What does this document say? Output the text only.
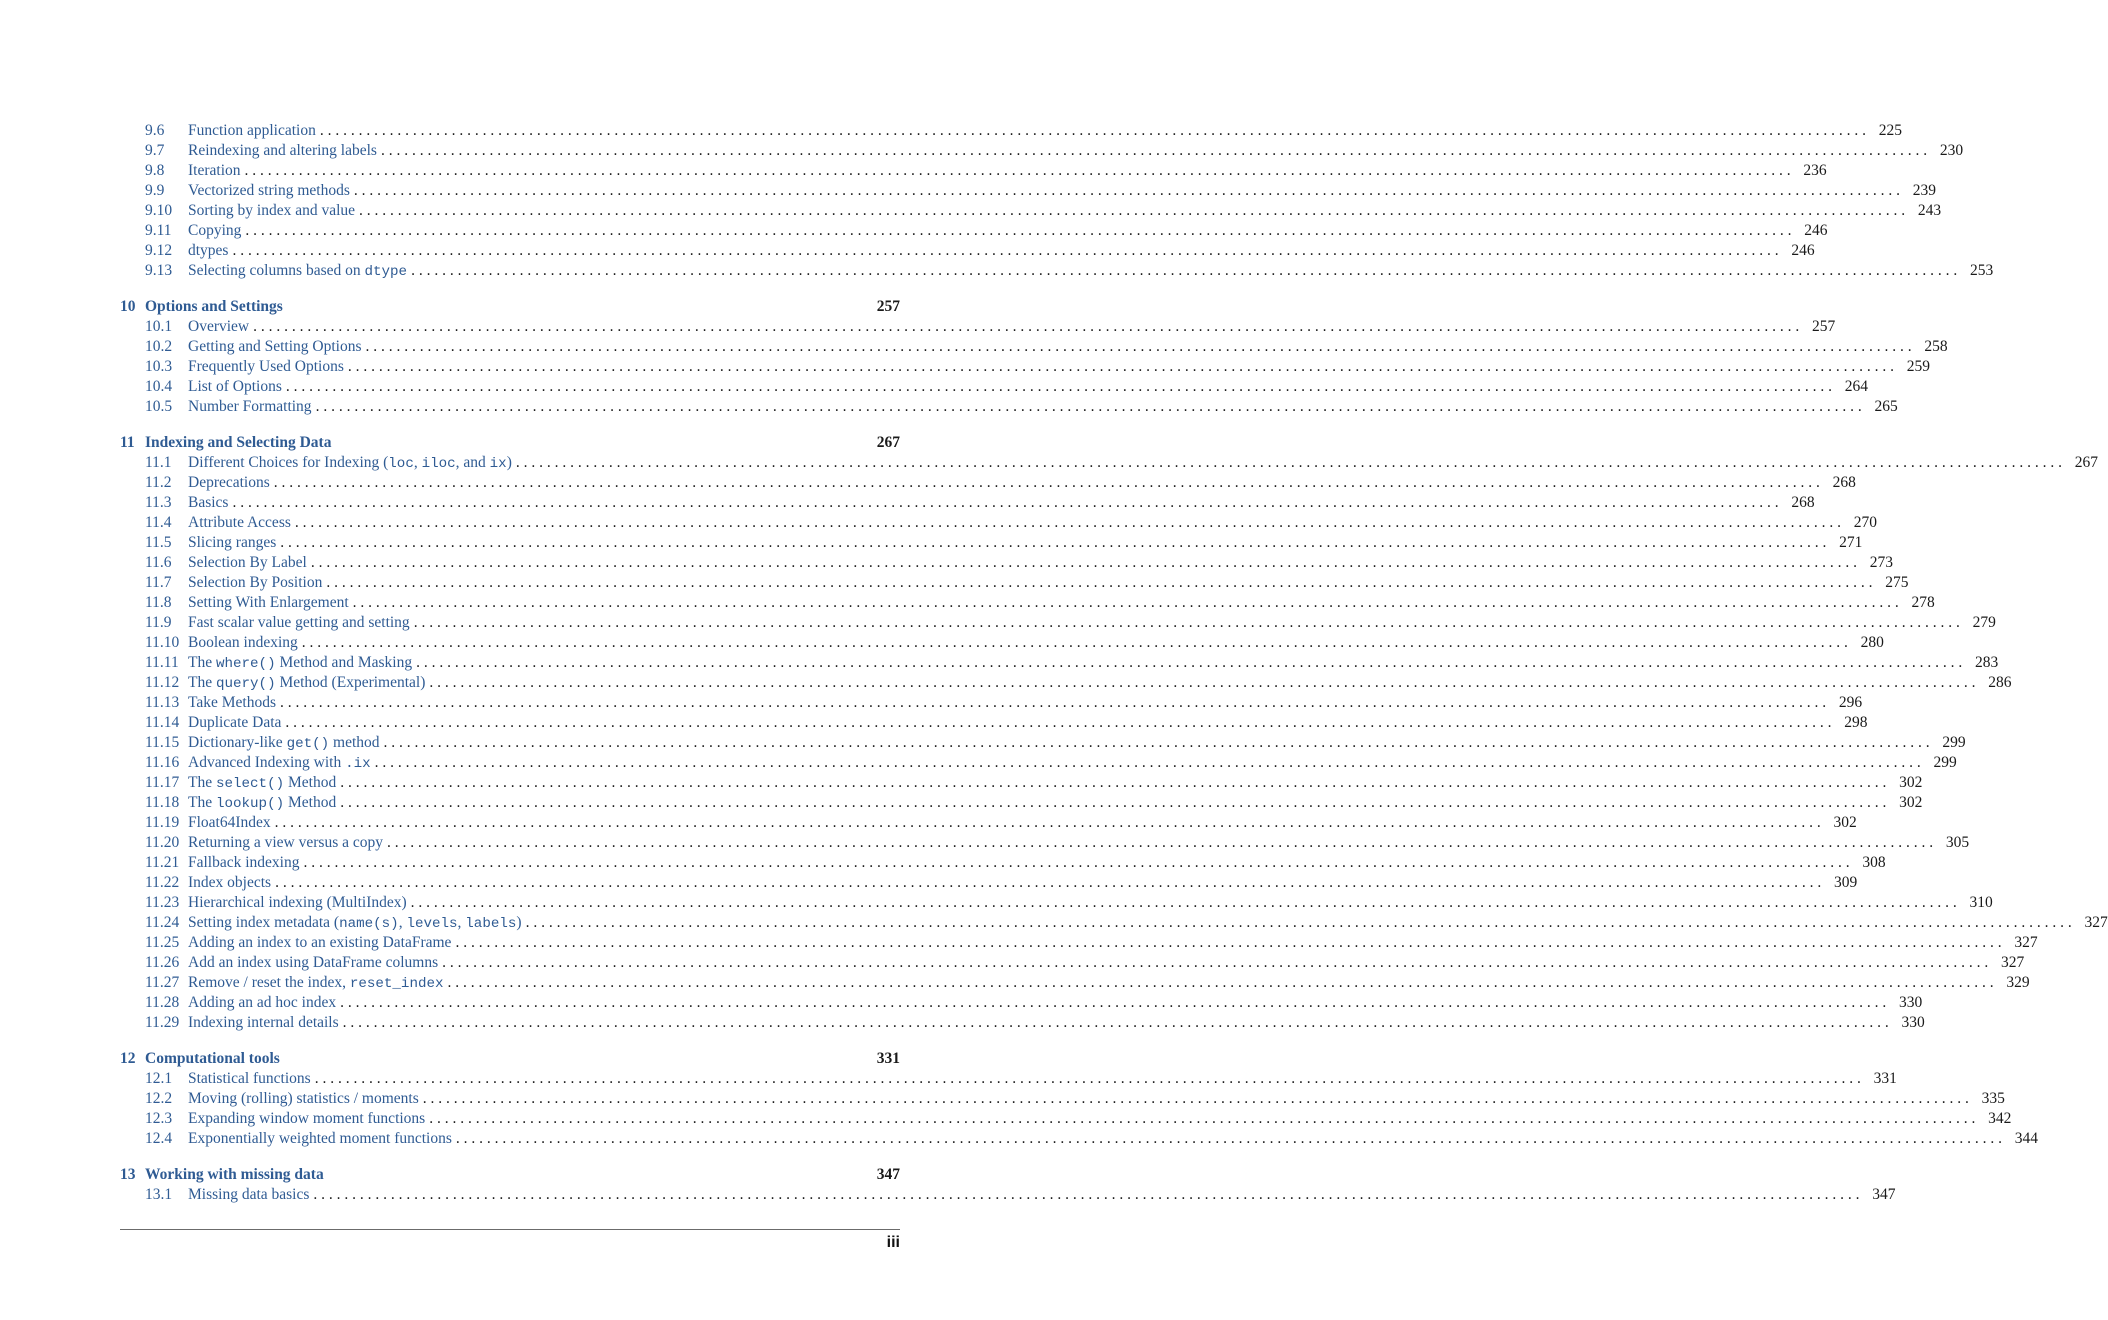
9.6	Function application . . . . . . . . . . . . . . . . . . . . . . . . . . . . . . . . . . . . . . . . . . . . . . . . . . . . . . . . . . . . . . . . . . . . . . . . . . . . . . . . . . . . . . . . . . . . . . . . . . . . . . . . . . . . . . . . . . . . . . . . . . . . . . . . . . . . . . . . . . . . . . . . . . . . . . . . . . . . . . . . . . . . . . . . . . . . . . . . . . . . . . . . . . . . . . . . . . . . . . . . 225
9.7	Reindexing and altering labels . . . . . . . . . . . . . . . . . . . . . . . . . . . . . . . . . . . . . . . . . . . . . . . . . . . . . . . . . . . . . . . . . . . . . . . . . . . . . . . . . . . . . . . . . . . . . . . . . . . . . . . . . . . . . . . . . . . . . . . . . . . . . . . . . . . . . . . . . . . . . . . . . . . . . . . . . . . . . . . . . . . . . . . . . . . . . . . . . . . . . . . . . . . . . . . . . . . . . . . . 230
9.8	Iteration . . . . . . . . . . . . . . . . . . . . . . . . . . . . . . . . . . . . . . . . . . . . . . . . . . . . . . . . . . . . . . . . . . . . . . . . . . . . . . . . . . . . . . . . . . . . . . . . . . . . . . . . . . . . . . . . . . . . . . . . . . . . . . . . . . . . . . . . . . . . . . . . . . . . . . . . . . . . . . . . . . . . . . . . . . . . . . . . . . . . . . . . . . . . . . . . . . . . . . . . 236
9.9	Vectorized string methods . . . . . . . . . . . . . . . . . . . . . . . . . . . . . . . . . . . . . . . . . . . . . . . . . . . . . . . . . . . . . . . . . . . . . . . . . . . . . . . . . . . . . . . . . . . . . . . . . . . . . . . . . . . . . . . . . . . . . . . . . . . . . . . . . . . . . . . . . . . . . . . . . . . . . . . . . . . . . . . . . . . . . . . . . . . . . . . . . . . . . . . . . . . . . . . . . . . . . . . . 239
9.10	Sorting by index and value . . . . . . . . . . . . . . . . . . . . . . . . . . . . . . . . . . . . . . . . . . . . . . . . . . . . . . . . . . . . . . . . . . . . . . . . . . . . . . . . . . . . . . . . . . . . . . . . . . . . . . . . . . . . . . . . . . . . . . . . . . . . . . . . . . . . . . . . . . . . . . . . . . . . . . . . . . . . . . . . . . . . . . . . . . . . . . . . . . . . . . . . . . . . . . . . . . . . . . . . 243
9.11	Copying . . . . . . . . . . . . . . . . . . . . . . . . . . . . . . . . . . . . . . . . . . . . . . . . . . . . . . . . . . . . . . . . . . . . . . . . . . . . . . . . . . . . . . . . . . . . . . . . . . . . . . . . . . . . . . . . . . . . . . . . . . . . . . . . . . . . . . . . . . . . . . . . . . . . . . . . . . . . . . . . . . . . . . . . . . . . . . . . . . . . . . . . . . . . . . . . . . . . . . . . 246
9.12	dtypes . . . . . . . . . . . . . . . . . . . . . . . . . . . . . . . . . . . . . . . . . . . . . . . . . . . . . . . . . . . . . . . . . . . . . . . . . . . . . . . . . . . . . . . . . . . . . . . . . . . . . . . . . . . . . . . . . . . . . . . . . . . . . . . . . . . . . . . . . . . . . . . . . . . . . . . . . . . . . . . . . . . . . . . . . . . . . . . . . . . . . . . . . . . . . . . . . . . . . . . . 246
9.13	Selecting columns based on dtype . . . . . . . . . . . . . . . . . . . . . . . . . . . . . . . . . . . . . . . . . . . . . . . . . . . . . . . . . . . . . . . . . . . . . . . . . . . . . . . . . . . . . . . . . . . . . . . . . . . . . . . . . . . . . . . . . . . . . . . . . . . . . . . . . . . . . . . . . . . . . . . . . . . . . . . . . . . . . . . . . . . . . . . . . . . . . . . . . . . . . . . . . . . . . . . . . . . . . . . . 253
10 Options and Settings	257
10.1	Overview . . . . . . . . . . . . . . . . . . . . . . . . . . . . . . . . . . . . . . . . . . . . . . . . . . . . . . . . . . . . . . . . . . . . . . . . . . . . . . . . . . . . . . . . . . . . . . . . . . . . . . . . . . . . . . . . . . . . . . . . . . . . . . . . . . . . . . . . . . . . . . . . . . . . . . . . . . . . . . . . . . . . . . . . . . . . . . . . . . . . . . . . . . . . . . . . . . . . . . . . 257
10.2	Getting and Setting Options . . . . . . . . . . . . . . . . . . . . . . . . . . . . . . . . . . . . . . . . . . . . . . . . . . . . . . . . . . . . . . . . . . . . . . . . . . . . . . . . . . . . . . . . . . . . . . . . . . . . . . . . . . . . . . . . . . . . . . . . . . . . . . . . . . . . . . . . . . . . . . . . . . . . . . . . . . . . . . . . . . . . . . . . . . . . . . . . . . . . . . . . . . . . . . . . . . . . . . . . 258
10.3	Frequently Used Options . . . . . . . . . . . . . . . . . . . . . . . . . . . . . . . . . . . . . . . . . . . . . . . . . . . . . . . . . . . . . . . . . . . . . . . . . . . . . . . . . . . . . . . . . . . . . . . . . . . . . . . . . . . . . . . . . . . . . . . . . . . . . . . . . . . . . . . . . . . . . . . . . . . . . . . . . . . . . . . . . . . . . . . . . . . . . . . . . . . . . . . . . . . . . . . . . . . . . . . . 259
10.4	List of Options . . . . . . . . . . . . . . . . . . . . . . . . . . . . . . . . . . . . . . . . . . . . . . . . . . . . . . . . . . . . . . . . . . . . . . . . . . . . . . . . . . . . . . . . . . . . . . . . . . . . . . . . . . . . . . . . . . . . . . . . . . . . . . . . . . . . . . . . . . . . . . . . . . . . . . . . . . . . . . . . . . . . . . . . . . . . . . . . . . . . . . . . . . . . . . . . . . . . . . . . 264
10.5	Number Formatting . . . . . . . . . . . . . . . . . . . . . . . . . . . . . . . . . . . . . . . . . . . . . . . . . . . . . . . . . . . . . . . . . . . . . . . . . . . . . . . . . . . . . . . . . . . . . . . . . . . . . . . . . . . . . . . . . . . . . . . . . . . . . . . . . . . . . . . . . . . . . . . . . . . . . . . . . . . . . . . . . . . . . . . . . . . . . . . . . . . . . . . . . . . . . . . . . . . . . . . . 265
11 Indexing and Selecting Data	267
11.1	Different Choices for Indexing (loc, iloc, and ix) . . . . . . . . . . . . . . . . . . . . . . . . . . . . . . . . . . . . . . . . . . . . . . . . . . . . . . . . . . . . . . . . . . . . . . . . . . . . . . . . . . . . . . . . . . . . . . . . . . . . . . . . . . . . . . . . . . . . . . . . . . . . . . . . . . . . . . . . . . . . . . . . . . . . . . . . . . . . . . . . . . . . . . . . . . . . . . . . . . . . . . . . . . . . . . . . . . . . . . . . 267
11.2	Deprecations . . . . . . . . . . . . . . . . . . . . . . . . . . . . . . . . . . . . . . . . . . . . . . . . . . . . . . . . . . . . . . . . . . . . . . . . . . . . . . . . . . . . . . . . . . . . . . . . . . . . . . . . . . . . . . . . . . . . . . . . . . . . . . . . . . . . . . . . . . . . . . . . . . . . . . . . . . . . . . . . . . . . . . . . . . . . . . . . . . . . . . . . . . . . . . . . . . . . . . . . 268
11.3	Basics . . . . . . . . . . . . . . . . . . . . . . . . . . . . . . . . . . . . . . . . . . . . . . . . . . . . . . . . . . . . . . . . . . . . . . . . . . . . . . . . . . . . . . . . . . . . . . . . . . . . . . . . . . . . . . . . . . . . . . . . . . . . . . . . . . . . . . . . . . . . . . . . . . . . . . . . . . . . . . . . . . . . . . . . . . . . . . . . . . . . . . . . . . . . . . . . . . . . . . . . 268
11.4	Attribute Access . . . . . . . . . . . . . . . . . . . . . . . . . . . . . . . . . . . . . . . . . . . . . . . . . . . . . . . . . . . . . . . . . . . . . . . . . . . . . . . . . . . . . . . . . . . . . . . . . . . . . . . . . . . . . . . . . . . . . . . . . . . . . . . . . . . . . . . . . . . . . . . . . . . . . . . . . . . . . . . . . . . . . . . . . . . . . . . . . . . . . . . . . . . . . . . . . . . . . . . . 270
11.5	Slicing ranges . . . . . . . . . . . . . . . . . . . . . . . . . . . . . . . . . . . . . . . . . . . . . . . . . . . . . . . . . . . . . . . . . . . . . . . . . . . . . . . . . . . . . . . . . . . . . . . . . . . . . . . . . . . . . . . . . . . . . . . . . . . . . . . . . . . . . . . . . . . . . . . . . . . . . . . . . . . . . . . . . . . . . . . . . . . . . . . . . . . . . . . . . . . . . . . . . . . . . . . . 271
11.6	Selection By Label . . . . . . . . . . . . . . . . . . . . . . . . . . . . . . . . . . . . . . . . . . . . . . . . . . . . . . . . . . . . . . . . . . . . . . . . . . . . . . . . . . . . . . . . . . . . . . . . . . . . . . . . . . . . . . . . . . . . . . . . . . . . . . . . . . . . . . . . . . . . . . . . . . . . . . . . . . . . . . . . . . . . . . . . . . . . . . . . . . . . . . . . . . . . . . . . . . . . . . . . 273
11.7	Selection By Position . . . . . . . . . . . . . . . . . . . . . . . . . . . . . . . . . . . . . . . . . . . . . . . . . . . . . . . . . . . . . . . . . . . . . . . . . . . . . . . . . . . . . . . . . . . . . . . . . . . . . . . . . . . . . . . . . . . . . . . . . . . . . . . . . . . . . . . . . . . . . . . . . . . . . . . . . . . . . . . . . . . . . . . . . . . . . . . . . . . . . . . . . . . . . . . . . . . . . . . . 275
11.8	Setting With Enlargement . . . . . . . . . . . . . . . . . . . . . . . . . . . . . . . . . . . . . . . . . . . . . . . . . . . . . . . . . . . . . . . . . . . . . . . . . . . . . . . . . . . . . . . . . . . . . . . . . . . . . . . . . . . . . . . . . . . . . . . . . . . . . . . . . . . . . . . . . . . . . . . . . . . . . . . . . . . . . . . . . . . . . . . . . . . . . . . . . . . . . . . . . . . . . . . . . . . . . . . . 278
11.9	Fast scalar value getting and setting . . . . . . . . . . . . . . . . . . . . . . . . . . . . . . . . . . . . . . . . . . . . . . . . . . . . . . . . . . . . . . . . . . . . . . . . . . . . . . . . . . . . . . . . . . . . . . . . . . . . . . . . . . . . . . . . . . . . . . . . . . . . . . . . . . . . . . . . . . . . . . . . . . . . . . . . . . . . . . . . . . . . . . . . . . . . . . . . . . . . . . . . . . . . . . . . . . . . . . . . 279
11.10 Boolean indexing . . . . . . . . . . . . . . . . . . . . . . . . . . . . . . . . . . . . . . . . . . . . . . . . . . . . . . . . . . . . . . . . . . . . . . . . . . . . . . . . . . . . . . . . . . . . . . . . . . . . . . . . . . . . . . . . . . . . . . . . . . . . . . . . . . . . . . . . . . . . . . . . . . . . . . . . . . . . . . . . . . . . . . . . . . . . . . . . . . . . . . . . . . . . . . . . . . . . . . . . 280
11.11 The where() Method and Masking . . . . . . . . . . . . . . . . . . . . . . . . . . . . . . . . . . . . . . . . . . . . . . . . . . . . . . . . . . . . . . . . . . . . . . . . . . . . . . . . . . . . . . . . . . . . . . . . . . . . . . . . . . . . . . . . . . . . . . . . . . . . . . . . . . . . . . . . . . . . . . . . . . . . . . . . . . . . . . . . . . . . . . . . . . . . . . . . . . . . . . . . . . . . . . . . . . . . . . . . 283
11.12 The query() Method (Experimental) . . . . . . . . . . . . . . . . . . . . . . . . . . . . . . . . . . . . . . . . . . . . . . . . . . . . . . . . . . . . . . . . . . . . . . . . . . . . . . . . . . . . . . . . . . . . . . . . . . . . . . . . . . . . . . . . . . . . . . . . . . . . . . . . . . . . . . . . . . . . . . . . . . . . . . . . . . . . . . . . . . . . . . . . . . . . . . . . . . . . . . . . . . . . . . . . . . . . . . . . 286
11.13 Take Methods . . . . . . . . . . . . . . . . . . . . . . . . . . . . . . . . . . . . . . . . . . . . . . . . . . . . . . . . . . . . . . . . . . . . . . . . . . . . . . . . . . . . . . . . . . . . . . . . . . . . . . . . . . . . . . . . . . . . . . . . . . . . . . . . . . . . . . . . . . . . . . . . . . . . . . . . . . . . . . . . . . . . . . . . . . . . . . . . . . . . . . . . . . . . . . . . . . . . . . . . 296
11.14 Duplicate Data . . . . . . . . . . . . . . . . . . . . . . . . . . . . . . . . . . . . . . . . . . . . . . . . . . . . . . . . . . . . . . . . . . . . . . . . . . . . . . . . . . . . . . . . . . . . . . . . . . . . . . . . . . . . . . . . . . . . . . . . . . . . . . . . . . . . . . . . . . . . . . . . . . . . . . . . . . . . . . . . . . . . . . . . . . . . . . . . . . . . . . . . . . . . . . . . . . . . . . . . 298
11.15 Dictionary-like get() method . . . . . . . . . . . . . . . . . . . . . . . . . . . . . . . . . . . . . . . . . . . . . . . . . . . . . . . . . . . . . . . . . . . . . . . . . . . . . . . . . . . . . . . . . . . . . . . . . . . . . . . . . . . . . . . . . . . . . . . . . . . . . . . . . . . . . . . . . . . . . . . . . . . . . . . . . . . . . . . . . . . . . . . . . . . . . . . . . . . . . . . . . . . . . . . . . . . . . . . . 299
11.16 Advanced Indexing with .ix . . . . . . . . . . . . . . . . . . . . . . . . . . . . . . . . . . . . . . . . . . . . . . . . . . . . . . . . . . . . . . . . . . . . . . . . . . . . . . . . . . . . . . . . . . . . . . . . . . . . . . . . . . . . . . . . . . . . . . . . . . . . . . . . . . . . . . . . . . . . . . . . . . . . . . . . . . . . . . . . . . . . . . . . . . . . . . . . . . . . . . . . . . . . . . . . . . . . . . . . 299
11.17 The select() Method . . . . . . . . . . . . . . . . . . . . . . . . . . . . . . . . . . . . . . . . . . . . . . . . . . . . . . . . . . . . . . . . . . . . . . . . . . . . . . . . . . . . . . . . . . . . . . . . . . . . . . . . . . . . . . . . . . . . . . . . . . . . . . . . . . . . . . . . . . . . . . . . . . . . . . . . . . . . . . . . . . . . . . . . . . . . . . . . . . . . . . . . . . . . . . . . . . . . . . . . 302
11.18 The lookup() Method . . . . . . . . . . . . . . . . . . . . . . . . . . . . . . . . . . . . . . . . . . . . . . . . . . . . . . . . . . . . . . . . . . . . . . . . . . . . . . . . . . . . . . . . . . . . . . . . . . . . . . . . . . . . . . . . . . . . . . . . . . . . . . . . . . . . . . . . . . . . . . . . . . . . . . . . . . . . . . . . . . . . . . . . . . . . . . . . . . . . . . . . . . . . . . . . . . . . . . . . 302
11.19 Float64Index . . . . . . . . . . . . . . . . . . . . . . . . . . . . . . . . . . . . . . . . . . . . . . . . . . . . . . . . . . . . . . . . . . . . . . . . . . . . . . . . . . . . . . . . . . . . . . . . . . . . . . . . . . . . . . . . . . . . . . . . . . . . . . . . . . . . . . . . . . . . . . . . . . . . . . . . . . . . . . . . . . . . . . . . . . . . . . . . . . . . . . . . . . . . . . . . . . . . . . . . 302
11.20 Returning a view versus a copy . . . . . . . . . . . . . . . . . . . . . . . . . . . . . . . . . . . . . . . . . . . . . . . . . . . . . . . . . . . . . . . . . . . . . . . . . . . . . . . . . . . . . . . . . . . . . . . . . . . . . . . . . . . . . . . . . . . . . . . . . . . . . . . . . . . . . . . . . . . . . . . . . . . . . . . . . . . . . . . . . . . . . . . . . . . . . . . . . . . . . . . . . . . . . . . . . . . . . . . . 305
11.21 Fallback indexing . . . . . . . . . . . . . . . . . . . . . . . . . . . . . . . . . . . . . . . . . . . . . . . . . . . . . . . . . . . . . . . . . . . . . . . . . . . . . . . . . . . . . . . . . . . . . . . . . . . . . . . . . . . . . . . . . . . . . . . . . . . . . . . . . . . . . . . . . . . . . . . . . . . . . . . . . . . . . . . . . . . . . . . . . . . . . . . . . . . . . . . . . . . . . . . . . . . . . . . . 308
11.22 Index objects . . . . . . . . . . . . . . . . . . . . . . . . . . . . . . . . . . . . . . . . . . . . . . . . . . . . . . . . . . . . . . . . . . . . . . . . . . . . . . . . . . . . . . . . . . . . . . . . . . . . . . . . . . . . . . . . . . . . . . . . . . . . . . . . . . . . . . . . . . . . . . . . . . . . . . . . . . . . . . . . . . . . . . . . . . . . . . . . . . . . . . . . . . . . . . . . . . . . . . . . 309
11.23 Hierarchical indexing (MultiIndex) . . . . . . . . . . . . . . . . . . . . . . . . . . . . . . . . . . . . . . . . . . . . . . . . . . . . . . . . . . . . . . . . . . . . . . . . . . . . . . . . . . . . . . . . . . . . . . . . . . . . . . . . . . . . . . . . . . . . . . . . . . . . . . . . . . . . . . . . . . . . . . . . . . . . . . . . . . . . . . . . . . . . . . . . . . . . . . . . . . . . . . . . . . . . . . . . . . . . . . . . 310
11.24 Setting index metadata (name(s), levels, labels) . . . . . . . . . . . . . . . . . . . . . . . . . . . . . . . . . . . . . . . . . . . . . . . . . . . . . . . . . . . . . . . . . . . . . . . . . . . . . . . . . . . . . . . . . . . . . . . . . . . . . . . . . . . . . . . . . . . . . . . . . . . . . . . . . . . . . . . . . . . . . . . . . . . . . . . . . . . . . . . . . . . . . . . . . . . . . . . . . . . . . . . . . . . . . . . . . . . . . . . . 327
11.25 Adding an index to an existing DataFrame . . . . . . . . . . . . . . . . . . . . . . . . . . . . . . . . . . . . . . . . . . . . . . . . . . . . . . . . . . . . . . . . . . . . . . . . . . . . . . . . . . . . . . . . . . . . . . . . . . . . . . . . . . . . . . . . . . . . . . . . . . . . . . . . . . . . . . . . . . . . . . . . . . . . . . . . . . . . . . . . . . . . . . . . . . . . . . . . . . . . . . . . . . . . . . . . . . . . . . . . 327
11.26 Add an index using DataFrame columns . . . . . . . . . . . . . . . . . . . . . . . . . . . . . . . . . . . . . . . . . . . . . . . . . . . . . . . . . . . . . . . . . . . . . . . . . . . . . . . . . . . . . . . . . . . . . . . . . . . . . . . . . . . . . . . . . . . . . . . . . . . . . . . . . . . . . . . . . . . . . . . . . . . . . . . . . . . . . . . . . . . . . . . . . . . . . . . . . . . . . . . . . . . . . . . . . . . . . . . . 327
11.27 Remove / reset the index, reset_index . . . . . . . . . . . . . . . . . . . . . . . . . . . . . . . . . . . . . . . . . . . . . . . . . . . . . . . . . . . . . . . . . . . . . . . . . . . . . . . . . . . . . . . . . . . . . . . . . . . . . . . . . . . . . . . . . . . . . . . . . . . . . . . . . . . . . . . . . . . . . . . . . . . . . . . . . . . . . . . . . . . . . . . . . . . . . . . . . . . . . . . . . . . . . . . . . . . . . . . . 329
11.28 Adding an ad hoc index . . . . . . . . . . . . . . . . . . . . . . . . . . . . . . . . . . . . . . . . . . . . . . . . . . . . . . . . . . . . . . . . . . . . . . . . . . . . . . . . . . . . . . . . . . . . . . . . . . . . . . . . . . . . . . . . . . . . . . . . . . . . . . . . . . . . . . . . . . . . . . . . . . . . . . . . . . . . . . . . . . . . . . . . . . . . . . . . . . . . . . . . . . . . . . . . . . . . . . . . 330
11.29 Indexing internal details . . . . . . . . . . . . . . . . . . . . . . . . . . . . . . . . . . . . . . . . . . . . . . . . . . . . . . . . . . . . . . . . . . . . . . . . . . . . . . . . . . . . . . . . . . . . . . . . . . . . . . . . . . . . . . . . . . . . . . . . . . . . . . . . . . . . . . . . . . . . . . . . . . . . . . . . . . . . . . . . . . . . . . . . . . . . . . . . . . . . . . . . . . . . . . . . . . . . . . . . 330
12 Computational tools	331
12.1	Statistical functions . . . . . . . . . . . . . . . . . . . . . . . . . . . . . . . . . . . . . . . . . . . . . . . . . . . . . . . . . . . . . . . . . . . . . . . . . . . . . . . . . . . . . . . . . . . . . . . . . . . . . . . . . . . . . . . . . . . . . . . . . . . . . . . . . . . . . . . . . . . . . . . . . . . . . . . . . . . . . . . . . . . . . . . . . . . . . . . . . . . . . . . . . . . . . . . . . . . . . . . . 331
12.2	Moving (rolling) statistics / moments . . . . . . . . . . . . . . . . . . . . . . . . . . . . . . . . . . . . . . . . . . . . . . . . . . . . . . . . . . . . . . . . . . . . . . . . . . . . . . . . . . . . . . . . . . . . . . . . . . . . . . . . . . . . . . . . . . . . . . . . . . . . . . . . . . . . . . . . . . . . . . . . . . . . . . . . . . . . . . . . . . . . . . . . . . . . . . . . . . . . . . . . . . . . . . . . . . . . . . . . 335
12.3	Expanding window moment functions . . . . . . . . . . . . . . . . . . . . . . . . . . . . . . . . . . . . . . . . . . . . . . . . . . . . . . . . . . . . . . . . . . . . . . . . . . . . . . . . . . . . . . . . . . . . . . . . . . . . . . . . . . . . . . . . . . . . . . . . . . . . . . . . . . . . . . . . . . . . . . . . . . . . . . . . . . . . . . . . . . . . . . . . . . . . . . . . . . . . . . . . . . . . . . . . . . . . . . . . 342
12.4	Exponentially weighted moment functions . . . . . . . . . . . . . . . . . . . . . . . . . . . . . . . . . . . . . . . . . . . . . . . . . . . . . . . . . . . . . . . . . . . . . . . . . . . . . . . . . . . . . . . . . . . . . . . . . . . . . . . . . . . . . . . . . . . . . . . . . . . . . . . . . . . . . . . . . . . . . . . . . . . . . . . . . . . . . . . . . . . . . . . . . . . . . . . . . . . . . . . . . . . . . . . . . . . . . . . . 344
13 Working with missing data	347
13.1	Missing data basics . . . . . . . . . . . . . . . . . . . . . . . . . . . . . . . . . . . . . . . . . . . . . . . . . . . . . . . . . . . . . . . . . . . . . . . . . . . . . . . . . . . . . . . . . . . . . . . . . . . . . . . . . . . . . . . . . . . . . . . . . . . . . . . . . . . . . . . . . . . . . . . . . . . . . . . . . . . . . . . . . . . . . . . . . . . . . . . . . . . . . . . . . . . . . . . . . . . . . . . . 347
iii
